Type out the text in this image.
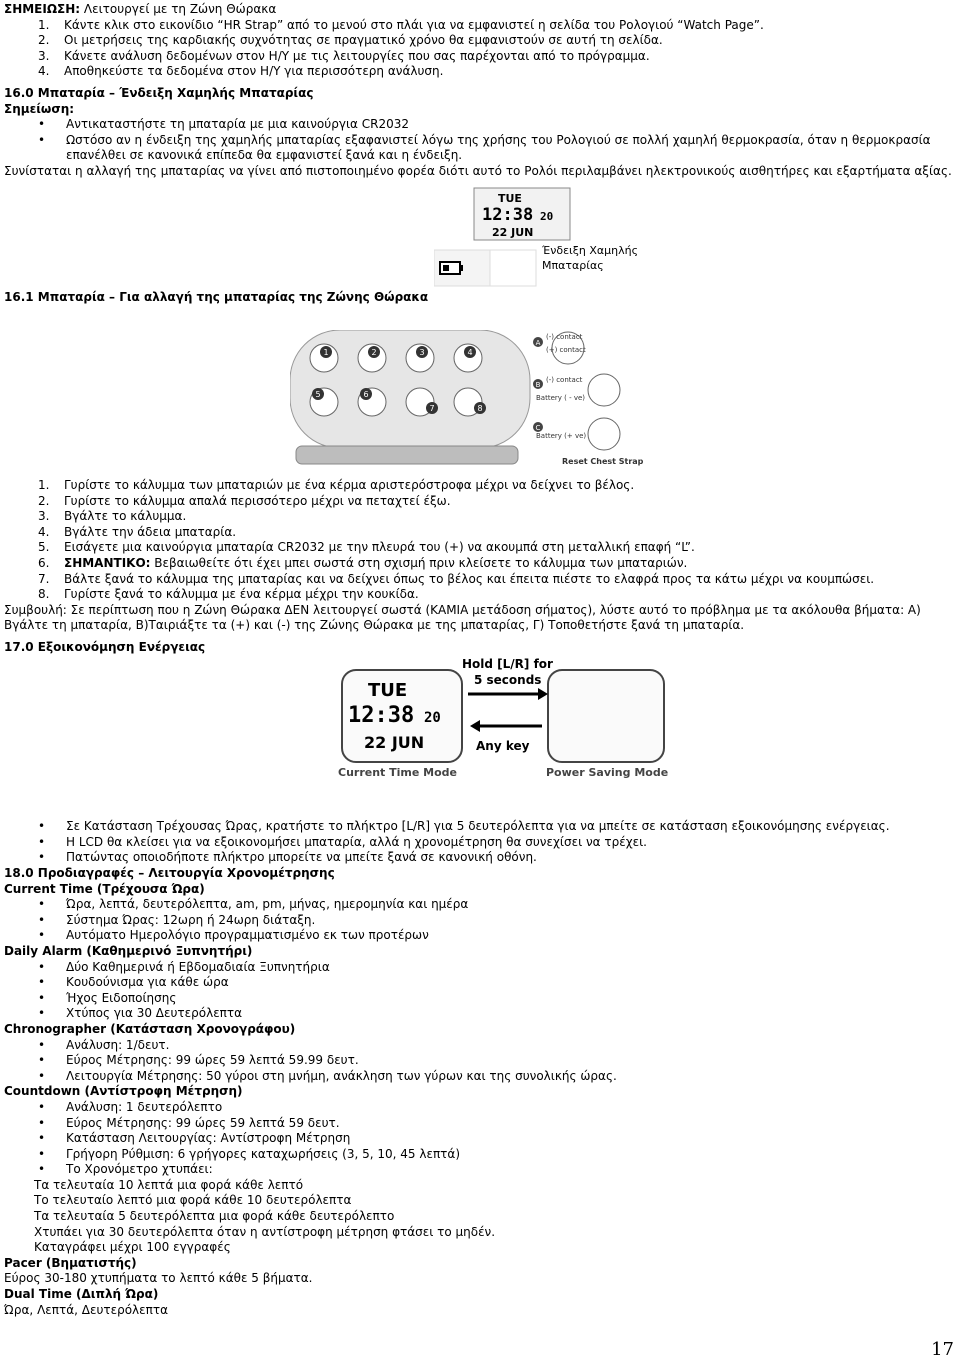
ΣΗΜΕΙΩΣΗ: Λειτουργεί με τη Ζώνη Θώρακα

1. Κάντε κλικ στο εικονίδιο “HR Strap” από το μενού στο πλάι για να εμφανιστεί η σελίδα του Ρολογιού “Watch Page”.

2. Οι μετρήσεις της καρδιακής συχνότητας σε πραγματικό χρόνο θα εμφανιστούν σε αυτή τη σελίδα.

3. Κάνετε ανάλυση δεδομένων στον Η/Υ με τις λειτουργίες που σας παρέχονται από το πρόγραμμα.

4. Αποθηκεύστε τα δεδομένα στον Η/Υ για περισσότερη ανάλυση.

16.0 Μπαταρία – Ένδειξη Χαμηλής Μπαταρίας

Σημείωση:

• Αντικαταστήστε τη μπαταρία με μια καινούργια CR2032

• Ωστόσο αν η ένδειξη της χαμηλής μπαταρίας εξαφανιστεί λόγω της χρήσης του Ρολογιού σε πολλή χαμηλή θερμοκρασία, όταν η θερμοκρασία επανέλθει σε κανονικά επίπεδα θα εμφανιστεί ξανά και η ένδειξη.

Συνίσταται η αλλαγή της μπαταρίας να γίνει από πιστοποιημένο φορέα διότι αυτό το Ρολόι περιλαμβάνει ηλεκτρονικούς αισθητήρες και εξαρτήματα αξίας.

TUE
12:38 20
22 JUN
Ένδειξη Χαμηλής
Μπαταρίας

16.1 Μπαταρία – Για αλλαγή της μπαταρίας της Ζώνης Θώρακα

1	2	3	4
5	6
7	8
A
B
C
(-) contact
(+) contact
(-) contact
Battery ( - ve)
Battery (+ ve)
Reset Chest Strap

1. Γυρίστε το κάλυμμα των μπαταριών με ένα κέρμα αριστερόστροφα μέχρι να δείχνει το βέλος.

2. Γυρίστε το κάλυμμα απαλά περισσότερο μέχρι να πεταχτεί έξω.

3. Βγάλτε το κάλυμμα.

4. Βγάλτε την άδεια μπαταρία.

5. Εισάγετε μια καινούργια μπαταρία CR2032 με την πλευρά του (+) να ακουμπά στη μεταλλική επαφή “L”.

6. ΣΗΜΑΝΤΙΚΟ: Βεβαιωθείτε ότι έχει μπει σωστά στη σχισμή πριν κλείσετε το κάλυμμα των μπαταριών.

7. Βάλτε ξανά το κάλυμμα της μπαταρίας και να δείχνει όπως το βέλος και έπειτα πιέστε το ελαφρά προς τα κάτω μέχρι να κουμπώσει.

8. Γυρίστε ξανά το κάλυμμα με ένα κέρμα μέχρι την κουκίδα.

Συμβουλή: Σε περίπτωση που η Ζώνη Θώρακα ΔΕΝ λειτουργεί σωστά (ΚΑΜΙΑ μετάδοση σήματος), λύστε αυτό το πρόβλημα με τα ακόλουθα βήματα: Α) Βγάλτε τη μπαταρία, Β)Ταιριάξτε τα (+) και (-) της Ζώνης Θώρακα με της μπαταρίας, Γ) Τοποθετήστε ξανά τη μπαταρία.

17.0 Εξοικονόμηση Ενέργειας

TUE
12:38 20
22 JUN
Hold [L/R] for
5 seconds
Any key
Current Time Mode	Power Saving Mode

• Σε Κατάσταση Τρέχουσας Ώρας, κρατήστε το πλήκτρο [L/R] για 5 δευτερόλεπτα για να μπείτε σε κατάσταση εξοικονόμησης ενέργειας.

• Η LCD θα κλείσει για να εξοικονομήσει μπαταρία, αλλά η χρονομέτρηση θα συνεχίσει να τρέχει.

• Πατώντας οποιοδήποτε πλήκτρο μπορείτε να μπείτε ξανά σε κανονική οθόνη.

18.0 Προδιαγραφές – Λειτουργία Χρονομέτρησης

Current Time (Τρέχουσα Ώρα)

• Ώρα, λεπτά, δευτερόλεπτα, am, pm, μήνας, ημερομηνία και ημέρα

• Σύστημα Ώρας: 12ωρη ή 24ωρη διάταξη.

• Αυτόματο Ημερολόγιο προγραμματισμένο εκ των προτέρων

Daily Alarm (Καθημερινό Ξυπνητήρι)

• Δύο Καθημερινά ή Εβδομαδιαία Ξυπνητήρια

• Κουδούνισμα για κάθε ώρα

• Ήχος Ειδοποίησης

• Χτύπος για 30 Δευτερόλεπτα

Chronographer (Κατάσταση Χρονογράφου)

• Ανάλυση: 1/δευτ.

• Εύρος Μέτρησης: 99 ώρες 59 λεπτά 59.99 δευτ.

• Λειτουργία Μέτρησης: 50 γύροι στη μνήμη, ανάκληση των γύρων και της συνολικής ώρας.

Countdown (Αντίστροφη Μέτρηση)

• Ανάλυση: 1 δευτερόλεπτο

• Εύρος Μέτρησης: 99 ώρες 59 λεπτά 59 δευτ.

• Κατάσταση Λειτουργίας: Αντίστροφη Μέτρηση

• Γρήγορη Ρύθμιση: 6 γρήγορες καταχωρήσεις (3, 5, 10, 45 λεπτά)

• Το Χρονόμετρο χτυπάει:

Τα τελευταία 10 λεπτά μια φορά κάθε λεπτό

Το τελευταίο λεπτό μια φορά κάθε 10 δευτερόλεπτα

Τα τελευταία 5 δευτερόλεπτα μια φορά κάθε δευτερόλεπτο

Χτυπάει για 30 δευτερόλεπτα όταν η αντίστροφη μέτρηση φτάσει το μηδέν.

Καταγράφει μέχρι 100 εγγραφές

Pacer (Βηματιστής)

Εύρος 30-180 χτυπήματα το λεπτό κάθε 5 βήματα.

Dual Time (Διπλή Ώρα)

Ώρα, Λεπτά, Δευτερόλεπτα

17
